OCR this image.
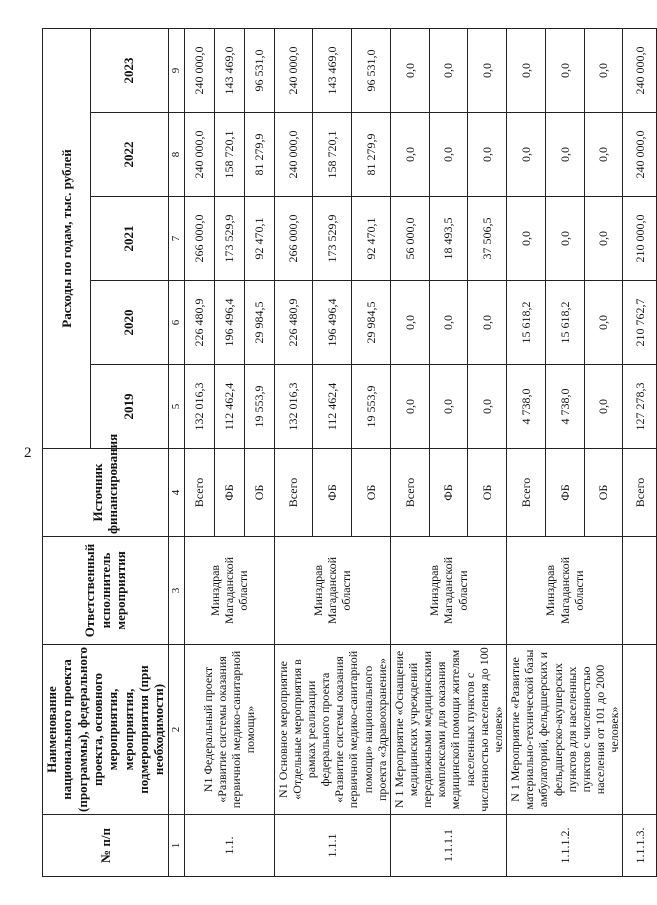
2
№ п/п	Наименование национального проекта (программы), федерального проекта, основного мероприятия, мероприятия, подмероприятия (при необходимости)	Ответственный исполнитель мероприятия	Источник финансирования	Расходы по годам, тыс. рублей				
				2019	2020	2021	2022	2023
1	2	3	4	5	6	7	8	9
1.1.	N1 Федеральный проект «Развитие системы оказания первичной медико-санитарной помощи»	Минздрав Магаданской области	Всего	132 016,3	226 480,9	266 000,0	240 000,0	240 000,0
			ФБ	112 462,4	196 496,4	173 529,9	158 720,1	143 469,0
			ОБ	19 553,9	29 984,5	92 470,1	81 279,9	96 531,0
1.1.1	N1 Основное мероприятие «Отдельные мероприятия в рамках реализации федерального проекта «Развитие системы оказания первичной медико-санитарной помощи» национального проекта «Здравоохранение»	Минздрав Магаданской области	Всего	132 016,3	226 480,9	266 000,0	240 000,0	240 000,0
			ФБ	112 462,4	196 496,4	173 529,9	158 720,1	143 469,0
			ОБ	19 553,9	29 984,5	92 470,1	81 279,9	96 531,0
1.1.1.1	N 1 Мероприятие «Оснащение медицинских учреждений передвижными медицинскими комплексами для оказания медицинской помощи жителям населенных пунктов с численностью населения до 100 человек»	Минздрав Магаданской области	Всего	0,0	0,0	56 000,0	0,0	0,0
			ФБ	0,0	0,0	18 493,5	0,0	0,0
			ОБ	0,0	0,0	37 506,5	0,0	0,0
1.1.1.2.	N 1 Мероприятие «Развитие материально-технической базы амбулаторий, фельдшерских и фельдшерско-акушерских пунктов для населенных пунктов с численностью населения от 101 до 2000 человек»	Минздрав Магаданской области	Всего	4 738,0	15 618,2	0,0	0,0	0,0
			ФБ	4 738,0	15 618,2	0,0	0,0	0,0
			ОБ	0,0	0,0	0,0	0,0	0,0
1.1.1.3.			Всего	127 278,3	210 762,7	210 000,0	240 000,0	240 000,0
